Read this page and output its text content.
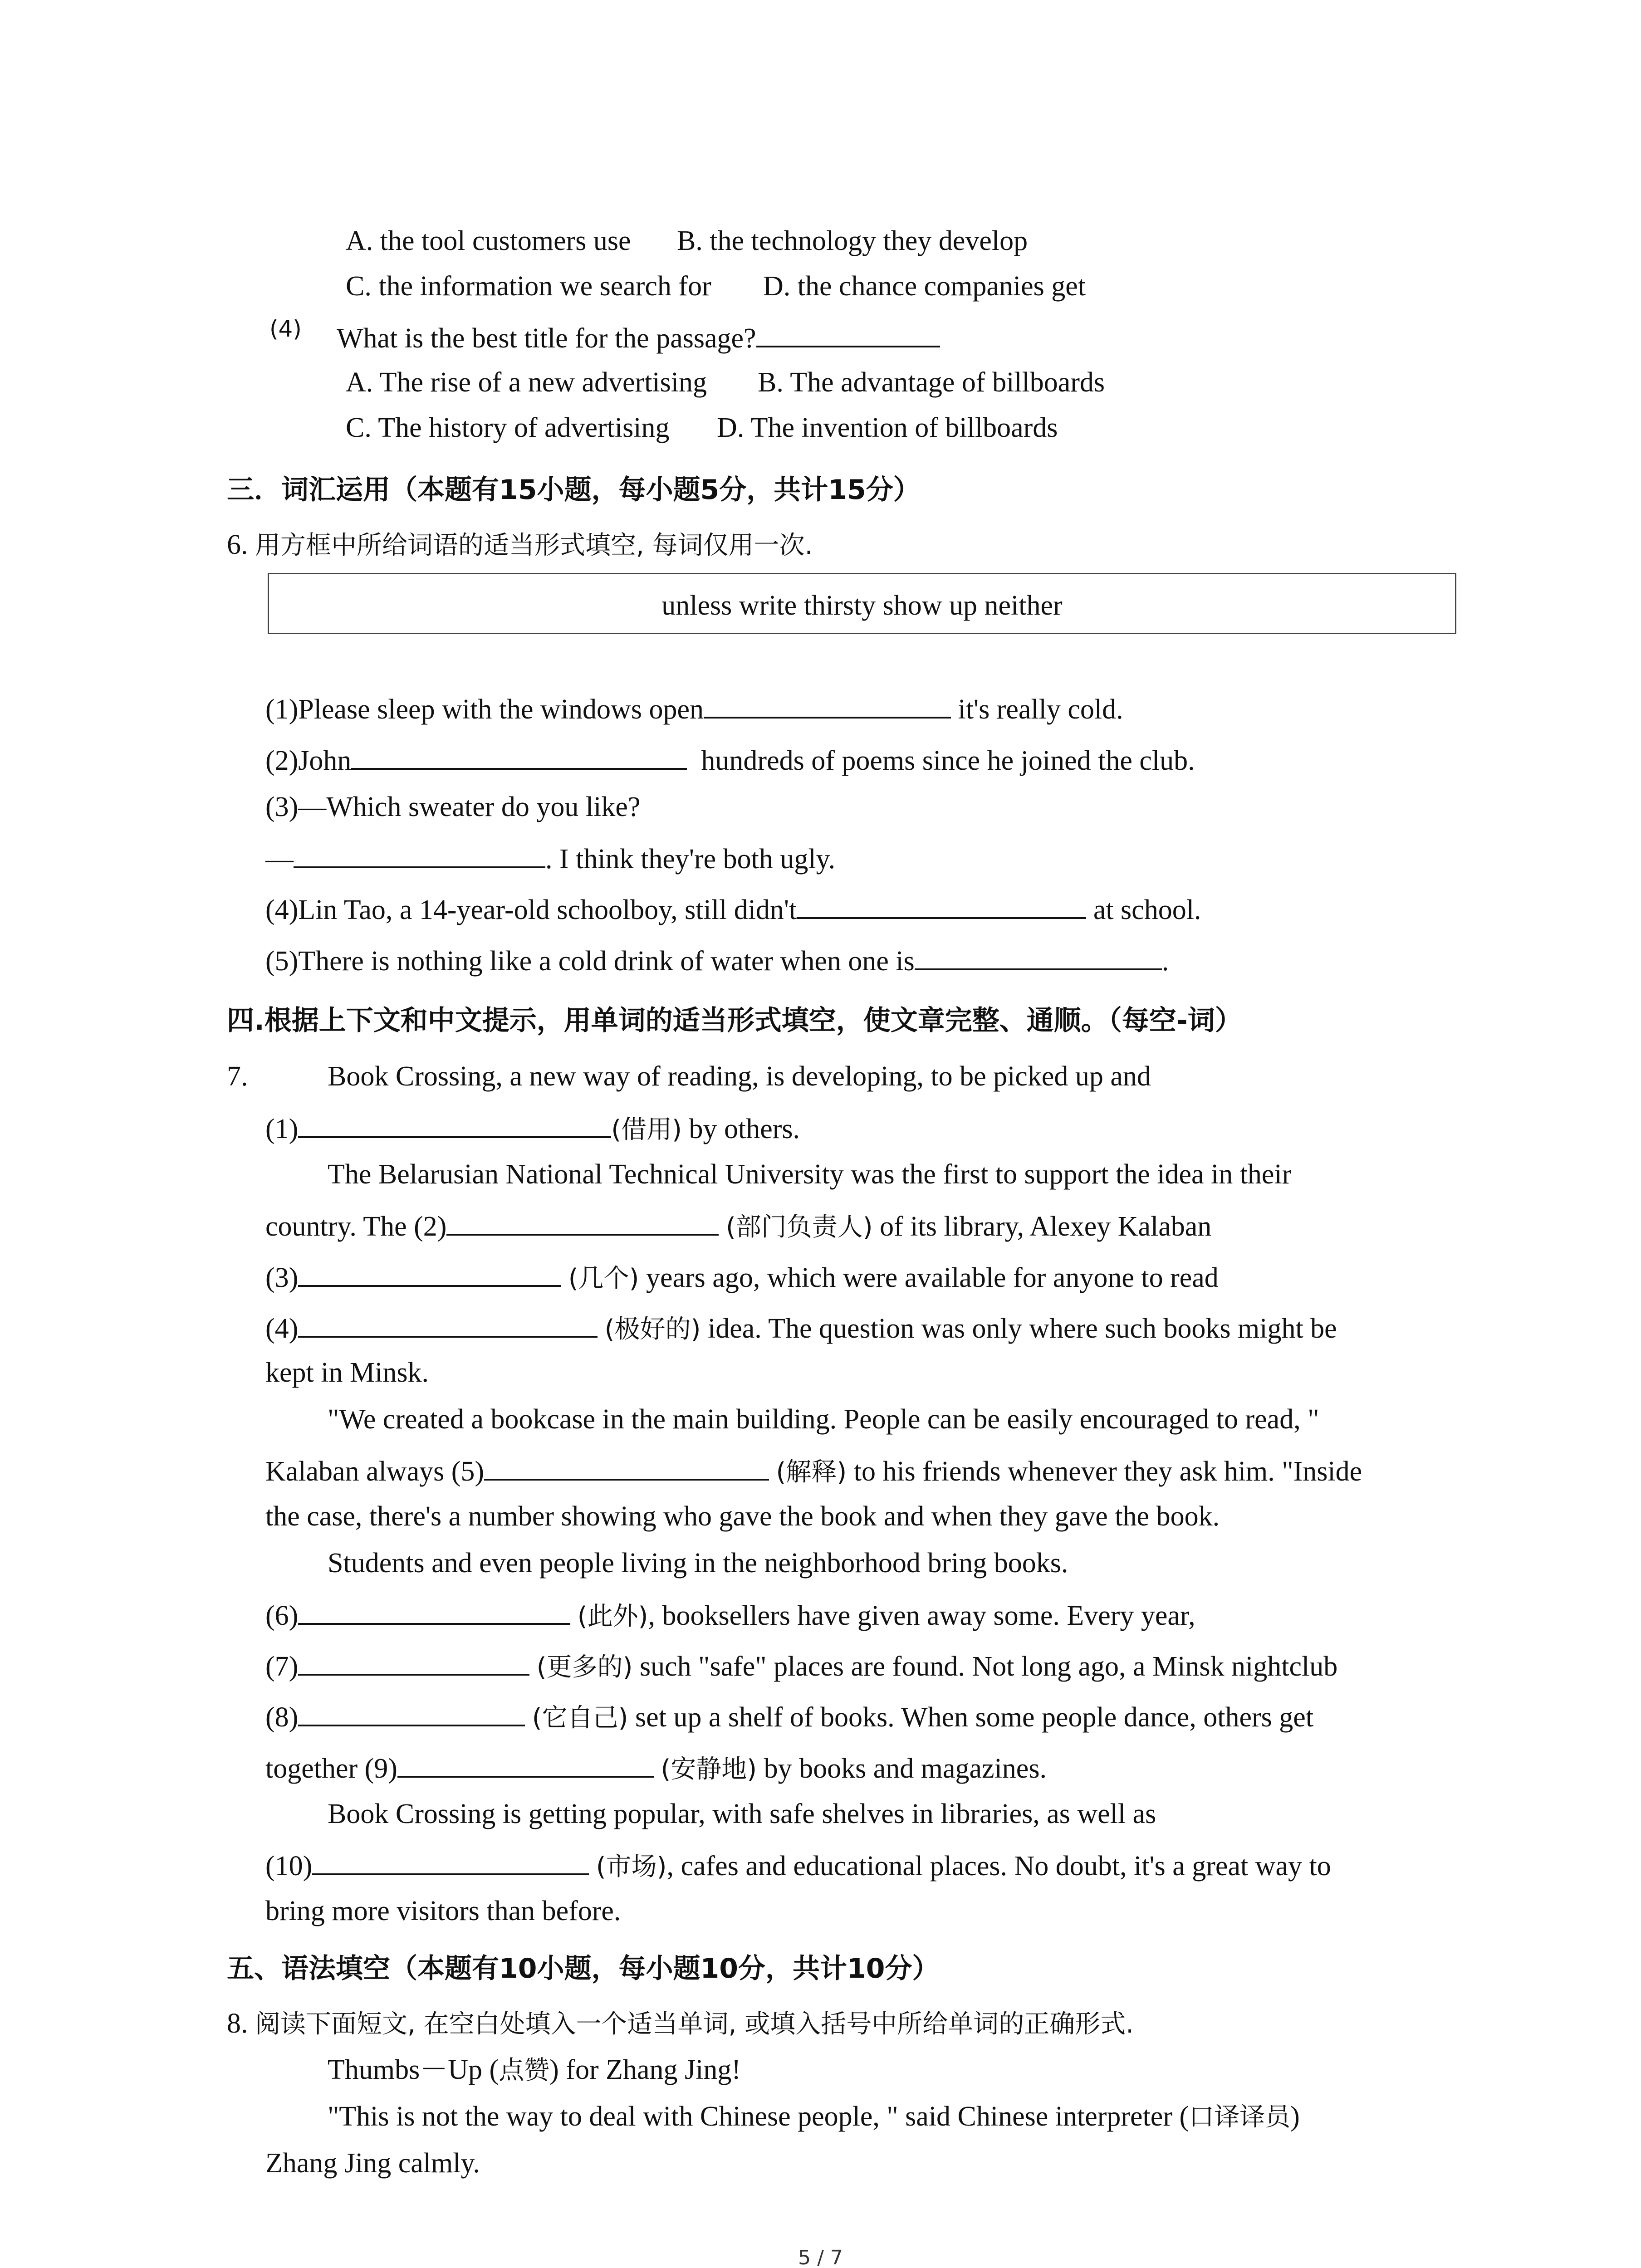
A. the tool customers use B. the technology they develop
C. the information we search for D. the chance companies get
(4) What is the best title for the passage?
A. The rise of a new advertising B. The advantage of billboards
C. The history of advertising D. The invention of billboards
三．词汇运用（本题有15小题，每小题5分，共计15分）
6. 用方框中所给词语的适当形式填空, 每词仅用一次.
unless write thirsty show up neither
(1)Please sleep with the windows open	it's really cold.
(2)John	hundreds of poems since he joined the club.
(3)—Which sweater do you like?
—	. I think they're both ugly.
(4)Lin Tao, a 14-year-old schoolboy, still didn't	at school.
(5)There is nothing like a cold drink of water when one is	.
四.根据上下文和中文提示，用单词的适当形式填空，使文章完整、通顺。（每空-词）
7.	Book Crossing, a new way of reading, is developing, to be picked up and
(1)	(借用) by others.
The Belarusian National Technical University was the first to support the idea in their
country. The (2)	(部门负责人) of its library, Alexey Kalaban
(3)	(几个) years ago, which were available for anyone to read
(4)	(极好的) idea. The question was only where such books might be
kept in Minsk.
"We created a bookcase in the main building. People can be easily encouraged to read, "
Kalaban always (5)	(解释) to his friends whenever they ask him. "Inside
the case, there's a number showing who gave the book and when they gave the book.
Students and even people living in the neighborhood bring books.
(6)	(此外), booksellers have given away some. Every year,
(7)	(更多的) such "safe" places are found. Not long ago, a Minsk nightclub
(8)	(它自己) set up a shelf of books. When some people dance, others get
together (9)	(安静地) by books and magazines.
Book Crossing is getting popular, with safe shelves in libraries, as well as
(10)	(市场), cafes and educational places. No doubt, it's a great way to
bring more visitors than before.
五、语法填空（本题有10小题，每小题10分，共计10分）
8. 阅读下面短文, 在空白处填入一个适当单词, 或填入括号中所给单词的正确形式.
Thumbs－Up (点赞) for Zhang Jing!
"This is not the way to deal with Chinese people, " said Chinese interpreter (口译译员)
Zhang Jing calmly.
5 / 7
